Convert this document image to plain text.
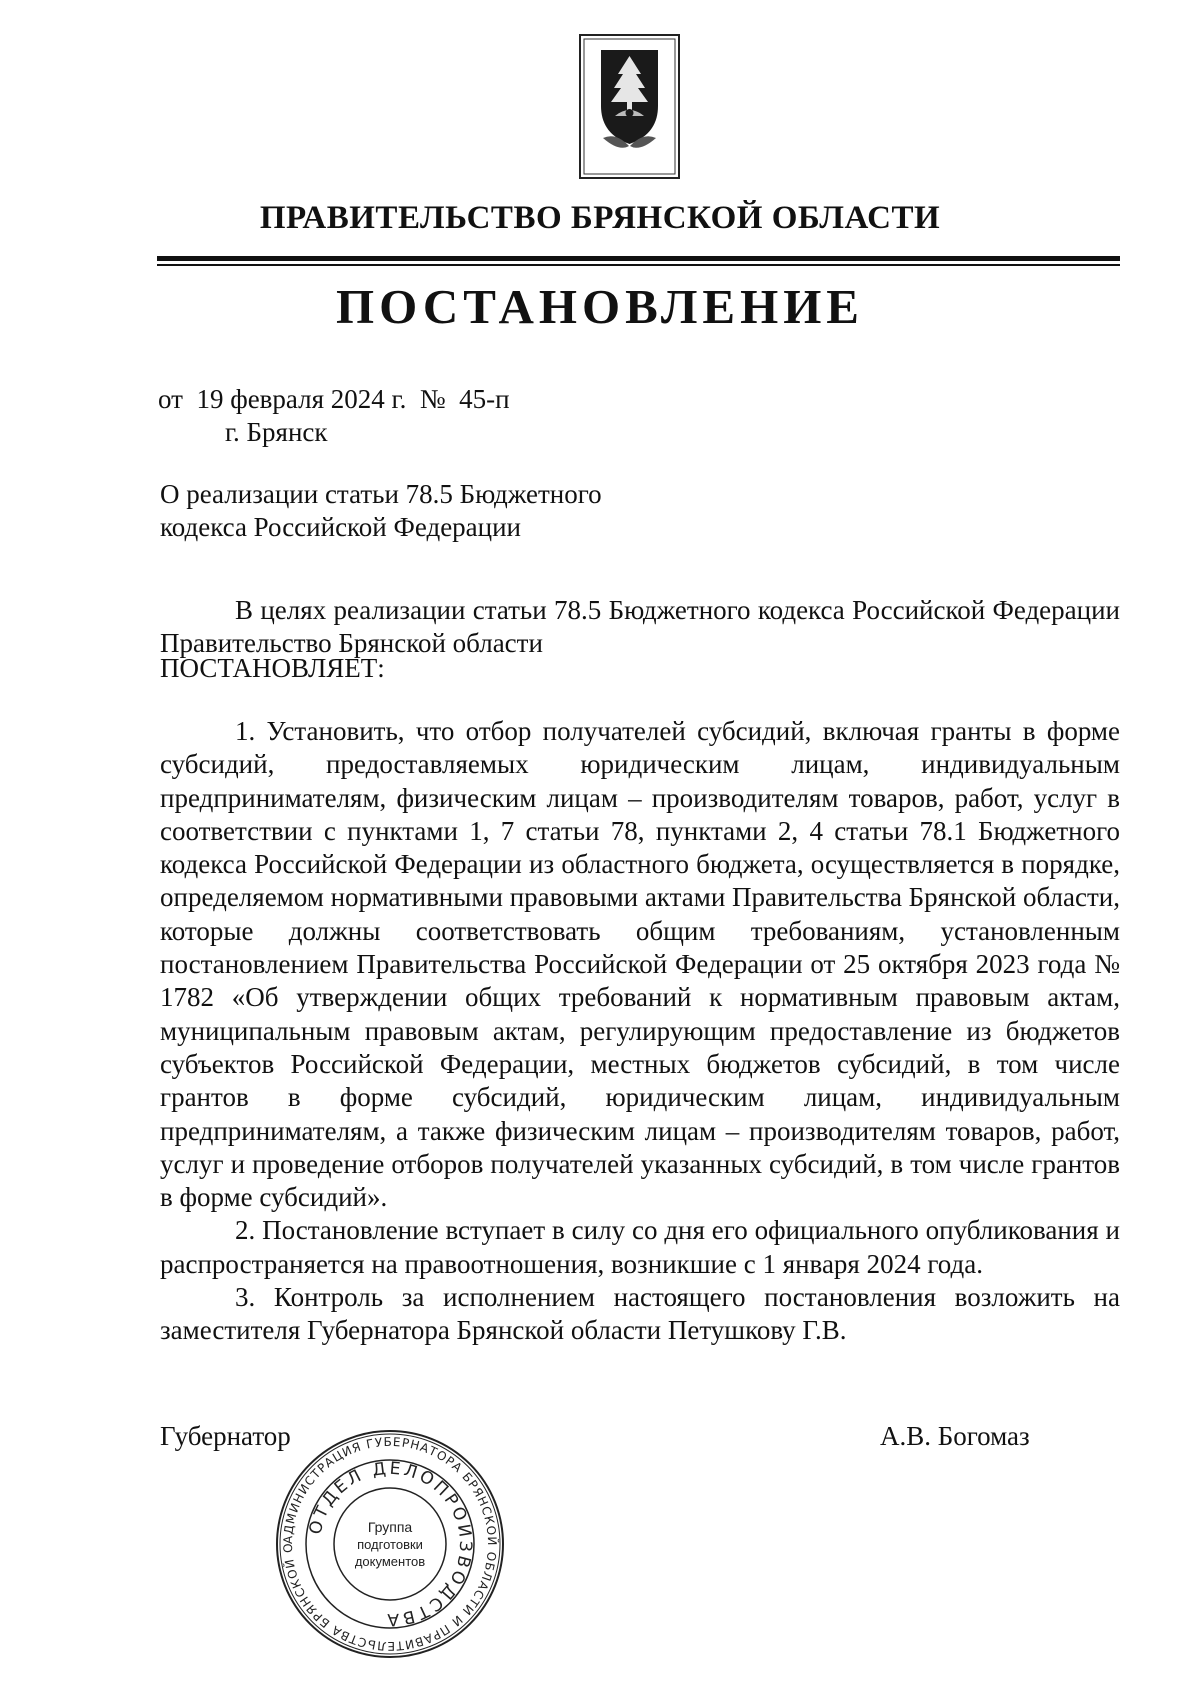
ПРАВИТЕЛЬСТВО БРЯНСКОЙ ОБЛАСТИ
ПОСТАНОВЛЕНИЕ
от  19 февраля 2024 г.  №  45-п
г. Брянск
О реализации статьи 78.5 Бюджетного
кодекса Российской Федерации

В целях реализации статьи 78.5 Бюджетного кодекса Российской Федерации Правительство Брянской области

ПОСТАНОВЛЯЕТ:

1. Установить, что отбор получателей субсидий, включая гранты в форме субсидий, предоставляемых юридическим лицам, индивидуальным предпринимателям, физическим лицам – производителям товаров, работ, услуг в соответствии с пунктами 1, 7 статьи 78, пунктами 2, 4 статьи 78.1 Бюджетного кодекса Российской Федерации из областного бюджета, осуществляется в порядке, определяемом нормативными правовыми актами Правительства Брянской области, которые должны соответствовать общим требованиям, установленным постановлением Правительства Российской Федерации от 25 октября 2023 года № 1782 «Об утверждении общих требований к нормативным правовым актам, муниципальным правовым актам, регулирующим предоставление из бюджетов субъектов Российской Федерации, местных бюджетов субсидий, в том числе грантов в форме субсидий, юридическим лицам, индивидуальным предпринимателям, а также физическим лицам – производителям товаров, работ, услуг и проведение отборов получателей указанных субсидий, в том числе грантов в форме субсидий».

2. Постановление вступает в силу со дня его официального опубликования и распространяется на правоотношения, возникшие с 1 января 2024 года.

3. Контроль за исполнением настоящего постановления возложить на заместителя Губернатора Брянской области Петушкову Г.В.

Губернатор	А.В. Богомаз
АДМИНИСТРАЦИЯ ГУБЕРНАТОРА БРЯНСКОЙ ОБЛАСТИ И ПРАВИТЕЛЬСТВА БРЯНСКОЙ О
ОТДЕЛ ДЕЛОПРОИЗВОДСТВА
Группа
подготовки
документов
